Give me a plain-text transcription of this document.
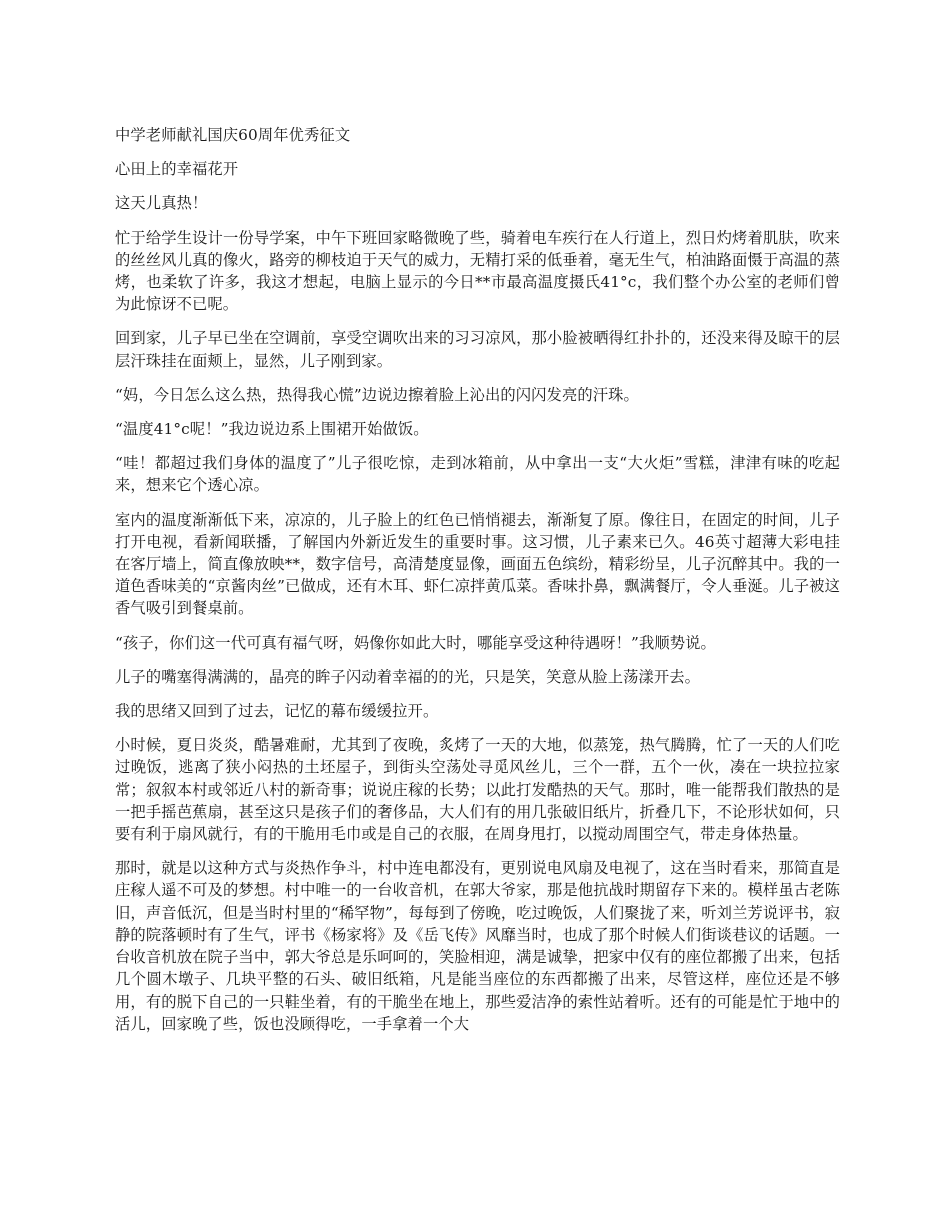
中学老师献礼国庆60周年优秀征文

心田上的幸福花开

这天儿真热！

忙于给学生设计一份导学案，中午下班回家略微晚了些，骑着电车疾行在人行道上，烈日灼烤着肌肤，吹来的丝丝风儿真的像火，路旁的柳枝迫于天气的威力，无精打采的低垂着，毫无生气，柏油路面慑于高温的蒸烤，也柔软了许多，我这才想起，电脑上显示的今日**市最高温度摄氏41°c，我们整个办公室的老师们曾为此惊讶不已呢。

回到家，儿子早已坐在空调前，享受空调吹出来的习习凉风，那小脸被晒得红扑扑的，还没来得及晾干的层层汗珠挂在面颊上，显然，儿子刚到家。

“妈，今日怎么这么热，热得我心慌”边说边擦着脸上沁出的闪闪发亮的汗珠。

“温度41°c呢！”我边说边系上围裙开始做饭。

“哇！都超过我们身体的温度了”儿子很吃惊，走到冰箱前，从中拿出一支“大火炬”雪糕，津津有味的吃起来，想来它个透心凉。

室内的温度渐渐低下来，凉凉的，儿子脸上的红色已悄悄褪去，渐渐复了原。像往日，在固定的时间，儿子打开电视，看新闻联播，了解国内外新近发生的重要时事。这习惯，儿子素来已久。46英寸超薄大彩电挂在客厅墙上，简直像放映**，数字信号，高清楚度显像，画面五色缤纷，精彩纷呈，儿子沉醉其中。我的一道色香味美的“京酱肉丝”已做成，还有木耳、虾仁凉拌黄瓜菜。香味扑鼻，飘满餐厅，令人垂涎。儿子被这香气吸引到餐桌前。

“孩子，你们这一代可真有福气呀，妈像你如此大时，哪能享受这种待遇呀！”我顺势说。

儿子的嘴塞得满满的，晶亮的眸子闪动着幸福的的光，只是笑，笑意从脸上荡漾开去。

我的思绪又回到了过去，记忆的幕布缓缓拉开。

小时候，夏日炎炎，酷暑难耐，尤其到了夜晚，炙烤了一天的大地，似蒸笼，热气腾腾，忙了一天的人们吃过晚饭，逃离了狭小闷热的土坯屋子，到街头空荡处寻觅风丝儿，三个一群，五个一伙，凑在一块拉拉家常；叙叙本村或邻近八村的新奇事；说说庄稼的长势；以此打发酷热的天气。那时，唯一能帮我们散热的是一把手摇芭蕉扇，甚至这只是孩子们的奢侈品，大人们有的用几张破旧纸片，折叠几下，不论形状如何，只要有利于扇风就行，有的干脆用毛巾或是自己的衣服，在周身甩打，以搅动周围空气，带走身体热量。

那时，就是以这种方式与炎热作争斗，村中连电都没有，更别说电风扇及电视了，这在当时看来，那简直是庄稼人遥不可及的梦想。村中唯一的一台收音机，在郭大爷家，那是他抗战时期留存下来的。模样虽古老陈旧，声音低沉，但是当时村里的“稀罕物”，每每到了傍晚，吃过晚饭，人们聚拢了来，听刘兰芳说评书，寂静的院落顿时有了生气，评书《杨家将》及《岳飞传》风靡当时，也成了那个时候人们街谈巷议的话题。一台收音机放在院子当中，郭大爷总是乐呵呵的，笑脸相迎，满是诚挚，把家中仅有的座位都搬了出来，包括几个圆木墩子、几块平整的石头、破旧纸箱，凡是能当座位的东西都搬了出来，尽管这样，座位还是不够用，有的脱下自己的一只鞋坐着，有的干脆坐在地上，那些爱洁净的索性站着听。还有的可能是忙于地中的活儿，回家晚了些，饭也没顾得吃，一手拿着一个大
